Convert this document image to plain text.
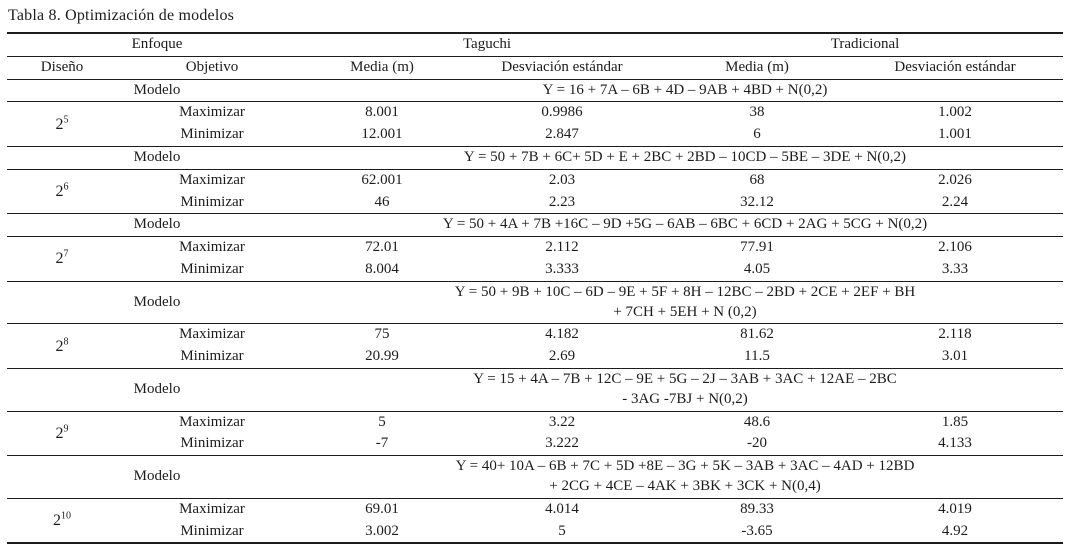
Tabla 8. Optimización de modelos
Enfoque		Taguchi		Tradicional	
Diseño	Objetivo	Media (m)	Desviación estándar	Media (m)	Desviación estándar
Modelo		Y = 16 + 7A – 6B + 4D – 9AB + 4BD + N(0,2)			

$2^5$	Maximizar	8.001	0.9986	38	1.002
	Minimizar	12.001	2.847	6	1.001
Modelo		Y = 50 + 7B + 6C+ 5D + E + 2BC + 2BD – 10CD – 5BE – 3DE + N(0,2)			

$2^6$	Maximizar	62.001	2.03	68	2.026
	Minimizar	46	2.23	32.12	2.24
Modelo		Y = 50 + 4A + 7B +16C – 9D +5G – 6AB – 6BC + 6CD + 2AG + 5CG + N(0,2)			

$2^7$	Maximizar	72.01	2.112	77.91	2.106
	Minimizar	8.004	3.333	4.05	3.33
Modelo		Y = 50 + 9B + 10C – 6D – 9E + 5F + 8H – 12BC – 2BD + 2CE + 2EF + BH
+ 7CH + 5EH + N (0,2)			

$2^8$	Maximizar	75	4.182	81.62	2.118
	Minimizar	20.99	2.69	11.5	3.01
Modelo		Y = 15 + 4A – 7B + 12C – 9E + 5G – 2J – 3AB + 3AC + 12AE – 2BC
- 3AG -7BJ + N(0,2)			

$2^9$	Maximizar	5	3.22	48.6	1.85
	Minimizar	-7	3.222	-20	4.133
Modelo		Y = 40+ 10A – 6B + 7C + 5D +8E – 3G + 5K – 3AB + 3AC – 4AD + 12BD
+ 2CG + 4CE – 4AK + 3BK + 3CK + N(0,4)			

$2^{10}$	Maximizar	69.01	4.014	89.33	4.019
	Minimizar	3.002	5	-3.65	4.92
